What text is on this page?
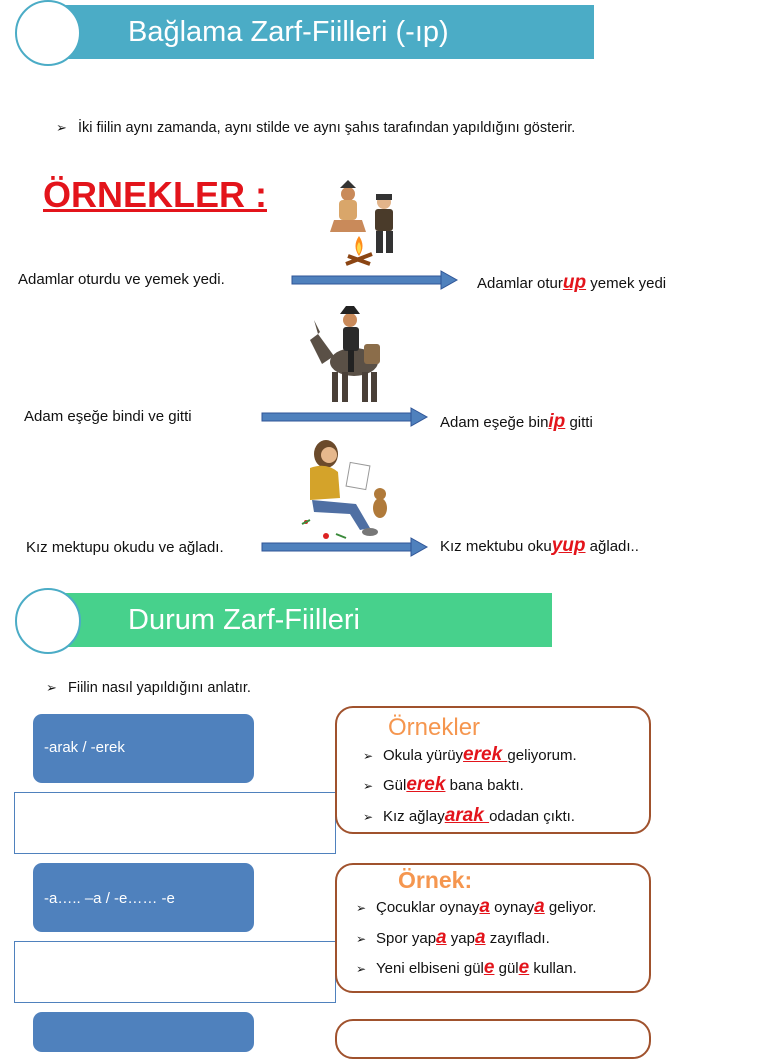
Bağlama Zarf-Fiilleri (-ıp)
➢ İki fiilin aynı zamanda, aynı stilde ve aynı şahıs tarafından yapıldığını gösterir.
ÖRNEKLER :
Adamlar oturdu ve yemek yedi.	Adamlar oturup yemek yedi
Adam eşeğe bindi ve gitti	Adam eşeğe binip gitti
Kız mektupu okudu ve ağladı.	Kız mektubu okuyup ağladı..
Durum Zarf-Fiilleri
➢ Fiilin nasıl yapıldığını anlatır.
-arak / -erek
Örnekler
➢ Okula yürüyerek geliyorum.
➢ Gülerek bana baktı.
➢ Kız ağlayarak odadan çıktı.
-a….. –a / -e…… -e
Örnek:
➢ Çocuklar oynaya oynaya geliyor.
➢ Spor yapa yapa zayıfladı.
➢ Yeni elbiseni güle güle kullan.
